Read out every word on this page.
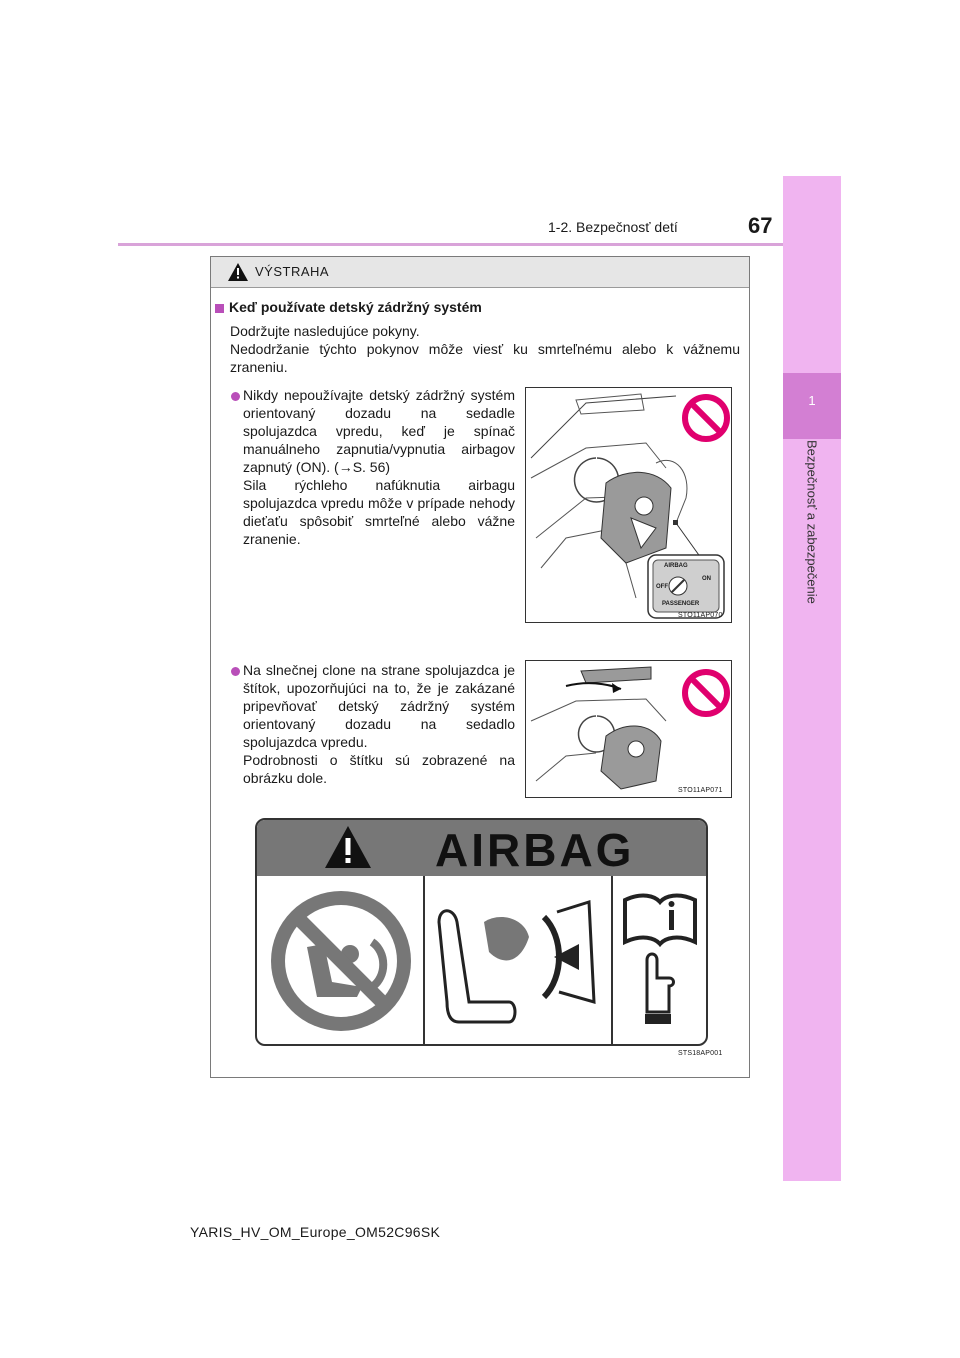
1-2. Bezpečnosť detí	67
1
Bezpečnosť a zabezpečenie
VÝSTRAHA
Keď používate detský zádržný systém

Dodržujte nasledujúce pokyny.

Nedodržanie týchto pokynov môže viesť ku smrteľnému alebo k vážnemu zraneniu.

Nikdy nepoužívajte detský zádržný systém orientovaný dozadu na sedadle spolujazdca vpredu, keď je spínač manuálneho zapnutia/vypnutia airbagov zapnutý (ON). (→S. 56)
Sila rýchleho nafúknutia airbagu spolujazdca vpredu môže v prípade nehody dieťaťu spôsobiť smrteľné alebo vážne zranenie.
AIRBAG
OFF
ON
PASSENGER
STO11AP070
Na slnečnej clone na strane spolujazdca je štítok, upozorňujúci na to, že je zakázané pripevňovať detský zádržný systém orientovaný dozadu na sedadlo spolujazdca vpredu.
Podrobnosti o štítku sú zobrazené na obrázku dole.
STO11AP071
AIRBAG
STS18AP001
YARIS_HV_OM_Europe_OM52C96SK
